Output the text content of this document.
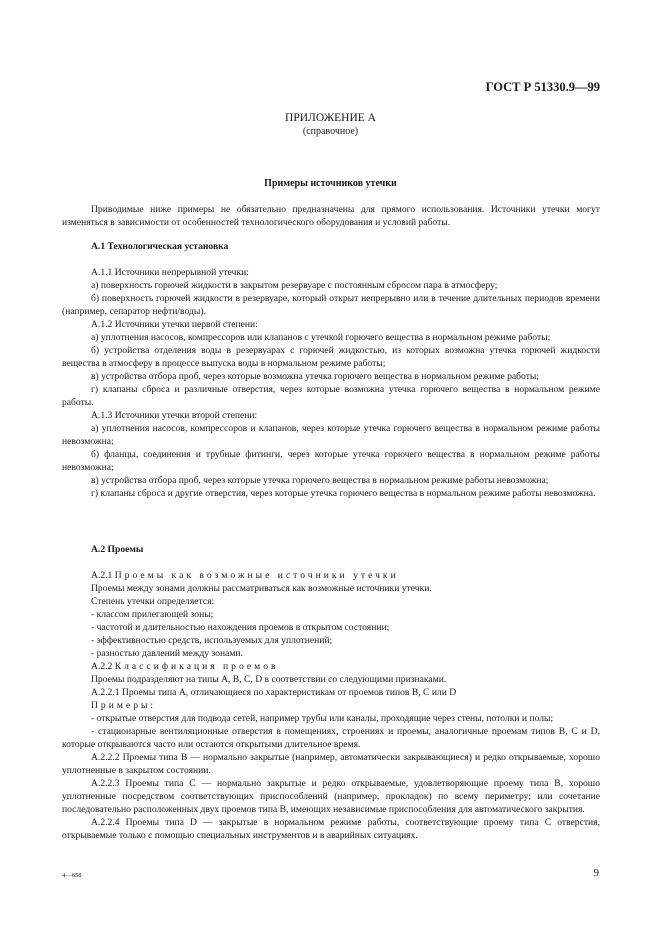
ГОСТ Р 51330.9—99
ПРИЛОЖЕНИЕ А
(справочное)
Примеры источников утечки

Приводимые ниже примеры не обязательно предназначены для прямого использования. Источники утечки могут изменяться в зависимости от особенностей технологического оборудования и условий работы.

А.1 Технологическая установка

А.1.1 Источники непрерывной утечки:

а) поверхность горючей жидкости в закрытом резервуаре с постоянным сбросом пара в атмосферу;

б) поверхность горючей жидкости в резервуаре, который открыт непрерывно или в течение длительных периодов времени (например, сепаратор нефти/воды).

А.1.2 Источники утечки первой степени:

а) уплотнения насосов, компрессоров или клапанов с утечкой горючего вещества в нормальном режиме работы;

б) устройства отделения воды в резервуарах с горючей жидкостью, из которых возможна утечка горючей жидкости вещества в атмосферу в процессе выпуска воды в нормальном режиме работы;

в) устройства отбора проб, через которые возможна утечка горючего вещества в нормальном режиме работы;

г) клапаны сброса и различные отверстия, через которые возможна утечка горючего вещества в нормальном режиме работы.

А.1.3 Источники утечки второй степени:

а) уплотнения насосов, компрессоров и клапанов, через которые утечка горючего вещества в нормальном режиме работы невозможна;

б) фланцы, соединения и трубные фитинги, через которые утечка горючего вещества в нормальном режиме работы невозможна;

в) устройства отбора проб, через которые утечка горючего вещества в нормальном режиме работы невозможна;

г) клапаны сброса и другие отверстия, через которые утечка горючего вещества в нормальном режиме работы невозможна.

А.2 Проемы

А.2.1 Проемы как возможные источники утечки

Проемы между зонами должны рассматриваться как возможные источники утечки.

Степень утечки определяется:

- классом прилегающей зоны;

- частотой и длительностью нахождения проемов в открытом состоянии;

- эффективностью средств, используемых для уплотнений;

- разностью давлений между зонами.

А.2.2 Классификация проемов

Проемы подразделяют на типы А, В, С, D в соответствии со следующими признаками.

А.2.2.1 Проемы типа А, отличающиеся по характеристикам от проемов типов В, С или D

Примеры:

- открытые отверстия для подвода сетей, например трубы или каналы, проходящие через стены, потолки и полы;

- стационарные вентиляционные отверстия в помещениях, строениях и проемы, аналогичные проемам типов В, С и D, которые открываются часто или остаются открытыми длительное время.

А.2.2.2 Проемы типа В — нормально закрытые (например, автоматически закрывающиеся) и редко открываемые, хорошо уплотненные в закрытом состоянии.

А.2.2.3 Проемы типа С — нормально закрытые и редко открываемые, удовлетворяющие проему типа В, хорошо уплотненные посредством соответствующих приспособлений (например, прокладок) по всему периметру; или сочетание последовательно расположенных двух проемов типа В, имеющих независимые приспособления для автоматического закрытия.

А.2.2.4 Проемы типа D — закрытые в нормальном режиме работы, соответствующие проему типа С отверстия, открываемые только с помощью специальных инструментов и в аварийных ситуациях.

4—658	9
